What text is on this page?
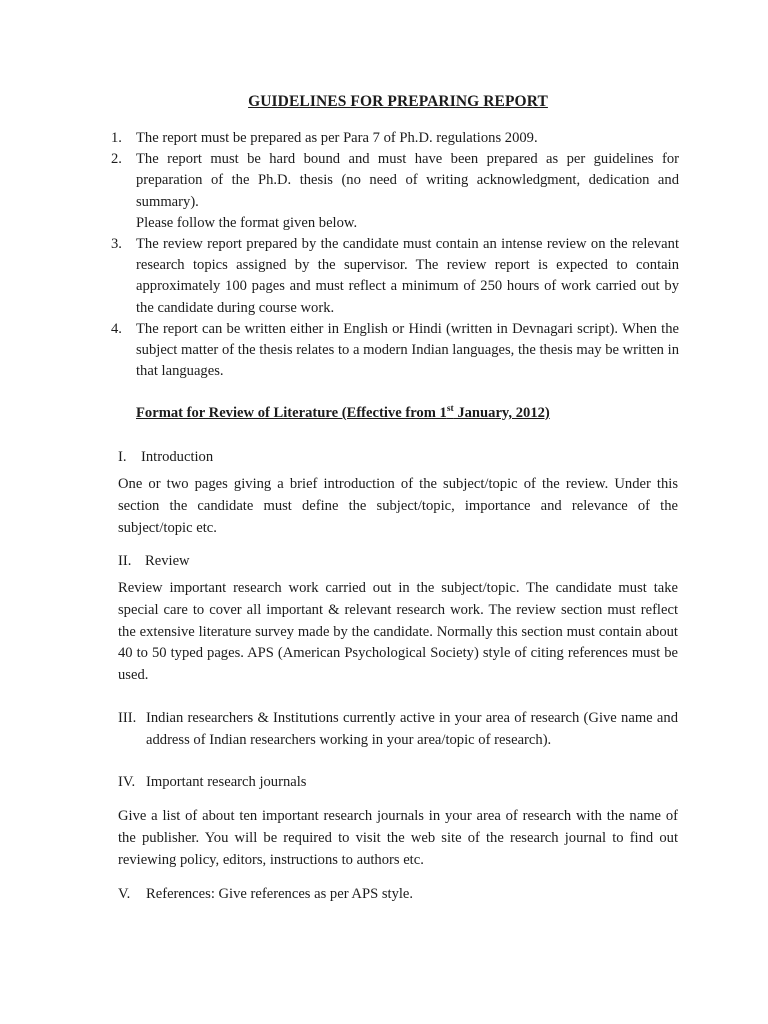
GUIDELINES FOR PREPARING REPORT
1. The report must be prepared as per Para 7 of Ph.D. regulations 2009.
2. The report must be hard bound and must have been prepared as per guidelines for preparation of the Ph.D. thesis (no need of writing acknowledgment, dedication and summary).
Please follow the format given below.
3. The review report prepared by the candidate must contain an intense review on the relevant research topics assigned by the supervisor. The review report is expected to contain approximately 100 pages and must reflect a minimum of 250 hours of work carried out by the candidate during course work.
4. The report can be written either in English or Hindi (written in Devnagari script). When the subject matter of the thesis relates to a modern Indian languages, the thesis may be written in that languages.
Format for Review of Literature (Effective from 1st January, 2012)
I. Introduction
One or two pages giving a brief introduction of the subject/topic of the review. Under this section the candidate must define the subject/topic, importance and relevance of the subject/topic etc.
II. Review
Review important research work carried out in the subject/topic. The candidate must take special care to cover all important & relevant research work. The review section must reflect the extensive literature survey made by the candidate. Normally this section must contain about 40 to 50 typed pages. APS (American Psychological Society) style of citing references must be used.
III. Indian researchers & Institutions currently active in your area of research (Give name and address of Indian researchers working in your area/topic of research).
IV. Important research journals
Give a list of about ten important research journals in your area of research with the name of the publisher. You will be required to visit the web site of the research journal to find out reviewing policy, editors, instructions to authors etc.
V.	References: Give references as per APS style.
